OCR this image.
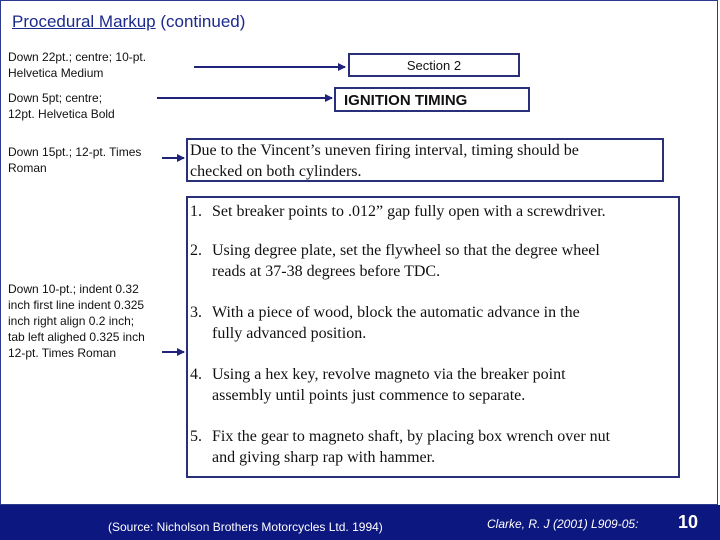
Procedural Markup (continued)
Down 22pt.; centre; 10-pt.
Helvetica Medium
Down 5pt; centre;
12pt. Helvetica Bold
Down 15pt.; 12-pt. Times
Roman
Down 10-pt.; indent 0.32
inch first line indent 0.325
inch right align 0.2 inch;
tab left alighed 0.325 inch
12-pt. Times Roman
Section 2
IGNITION TIMING
Due to the Vincent’s uneven firing interval, timing should be
checked on both cylinders.
1. Set breaker points to .012” gap fully open with a screwdriver.
2. Using degree plate, set the flywheel so that the degree wheel
reads at 37-38 degrees before TDC.
3. With a piece of wood, block the automatic advance in the
fully advanced position.
4. Using a hex key, revolve magneto via the breaker point
assembly until points just commence to separate.
5. Fix the gear to magneto shaft, by placing box wrench over nut
and giving sharp rap with hammer.
(Source: Nicholson Brothers Motorcycles Ltd. 1994)	Clarke, R. J (2001) L909-05: 10
